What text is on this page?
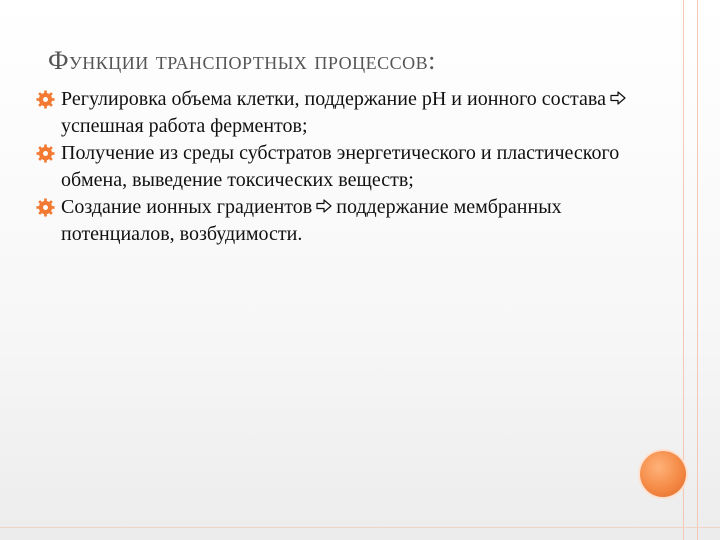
Функции транспортных процессов:
Регулировка объема клетки, поддержание рН и ионного составауспешная работа ферментов;
Получение из среды субстратов энергетического и пластического обмена, выведение токсических веществ;
Создание ионных градиентов поддержание мембранных потенциалов, возбудимости.
